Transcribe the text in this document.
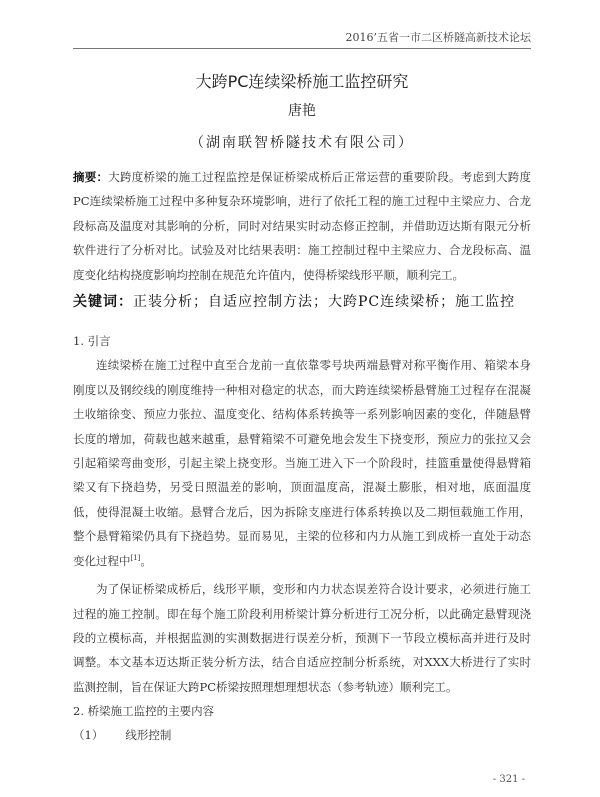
2016’五省一市二区桥隧高新技术论坛
大跨PC连续梁桥施工监控研究
唐艳
（湖南联智桥隧技术有限公司）
摘要：大跨度桥梁的施工过程监控是保证桥梁成桥后正常运营的重要阶段。考虑到大跨度PC连续梁桥施工过程中多种复杂环境影响，进行了依托工程的施工过程中主梁应力、合龙段标高及温度对其影响的分析，同时对结果实时动态修正控制，并借助迈达斯有限元分析软件进行了分析对比。试验及对比结果表明：施工控制过程中主梁应力、合龙段标高、温度变化结构挠度影响均控制在规范允许值内，使得桥梁线形平顺，顺利完工。
关键词：正装分析；自适应控制方法；大跨PC连续梁桥；施工监控
1. 引言

连续梁桥在施工过程中直至合龙前一直依靠零号块两端悬臂对称平衡作用、箱梁本身刚度以及钢绞线的刚度维持一种相对稳定的状态，而大跨连续梁桥悬臂施工过程存在混凝土收缩徐变、预应力张拉、温度变化、结构体系转换等一系列影响因素的变化，伴随悬臂长度的增加，荷载也越来越重，悬臂箱梁不可避免地会发生下挠变形，预应力的张拉又会引起箱梁弯曲变形，引起主梁上挠变形。当施工进入下一个阶段时，挂篮重量使得悬臂箱梁又有下挠趋势，另受日照温差的影响，顶面温度高，混凝土膨胀，相对地，底面温度低，使得混凝土收缩。悬臂合龙后，因为拆除支座进行体系转换以及二期恒载施工作用，整个悬臂箱梁仍具有下挠趋势。显而易见，主梁的位移和内力从施工到成桥一直处于动态变化过程中[1]。

为了保证桥梁成桥后，线形平顺，变形和内力状态误差符合设计要求，必须进行施工过程的施工控制。即在每个施工阶段利用桥梁计算分析进行工况分析，以此确定悬臂现浇段的立模标高，并根据监测的实测数据进行误差分析，预测下一节段立模标高并进行及时调整。本文基本迈达斯正装分析方法，结合自适应控制分析系统，对XXX大桥进行了实时监测控制，旨在保证大跨PC桥梁按照理想理想状态（参考轨迹）顺利完工。

2. 桥梁施工监控的主要内容
（1） 线形控制
- 321 -
